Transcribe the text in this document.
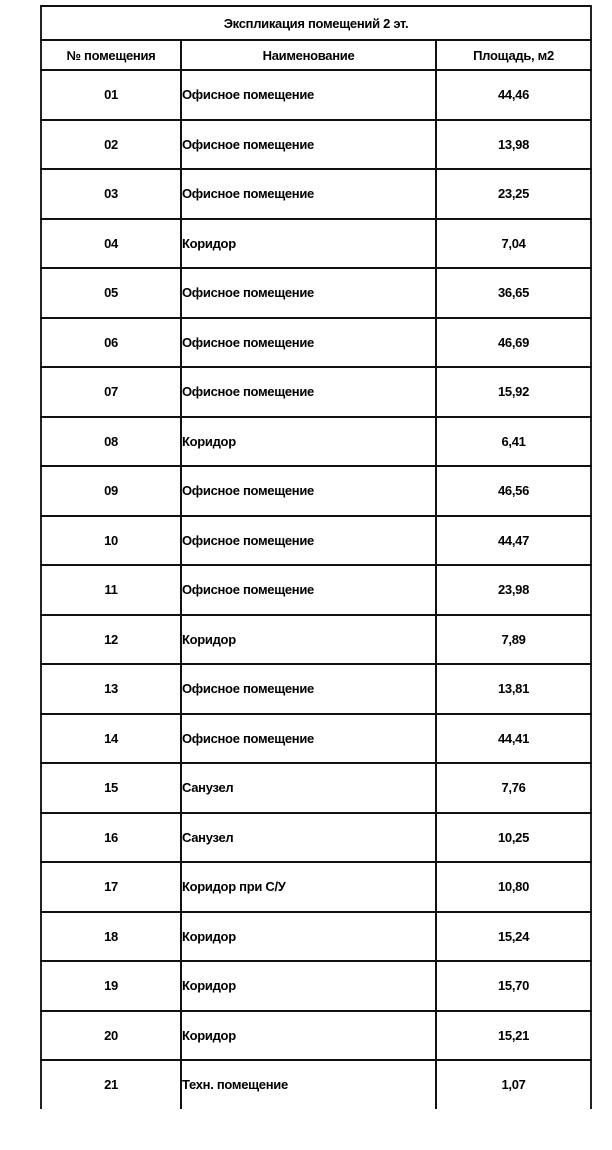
Экспликация помещений 2 эт.		
№ помещения	Наименование	Площадь, м2
01	Офисное помещение	44,46
02	Офисное помещение	13,98
03	Офисное помещение	23,25
04	Коридор	7,04
05	Офисное помещение	36,65
06	Офисное помещение	46,69
07	Офисное помещение	15,92
08	Коридор	6,41
09	Офисное помещение	46,56
10	Офисное помещение	44,47
11	Офисное помещение	23,98
12	Коридор	7,89
13	Офисное помещение	13,81
14	Офисное помещение	44,41
15	Санузел	7,76
16	Санузел	10,25
17	Коридор при С/У	10,80
18	Коридор	15,24
19	Коридор	15,70
20	Коридор	15,21
21	Техн. помещение	1,07
